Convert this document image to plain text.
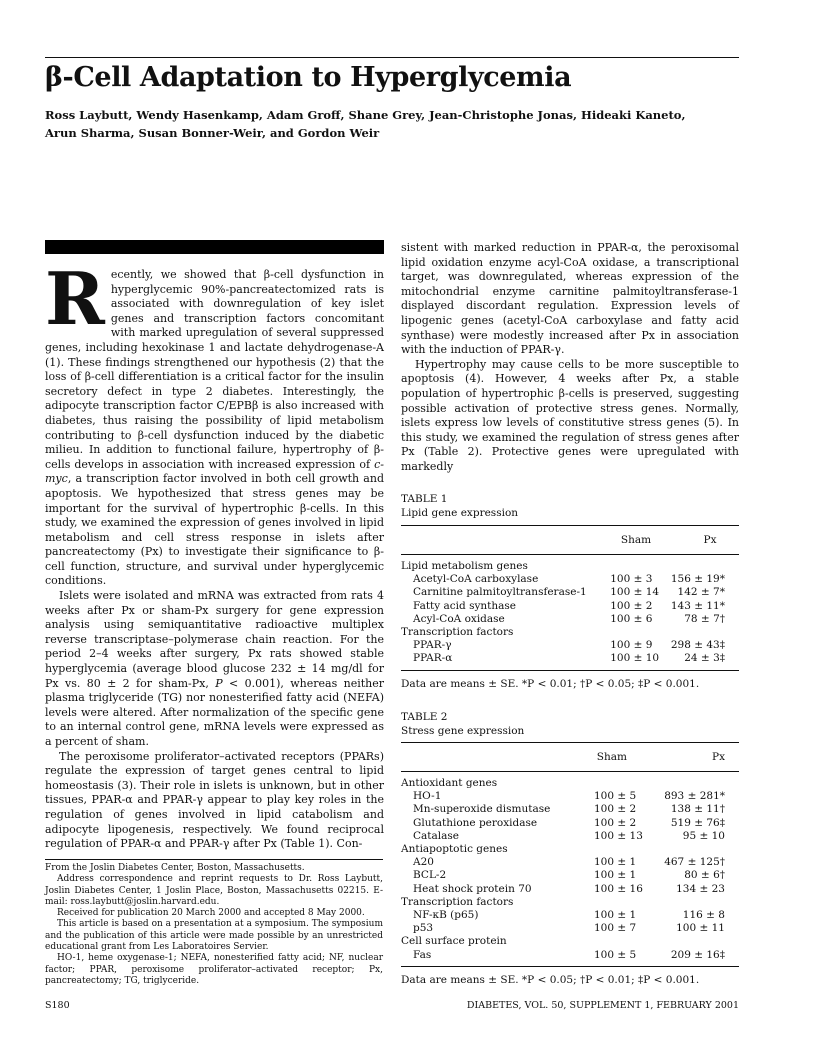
β-Cell Adaptation to Hyperglycemia
Ross Laybutt, Wendy Hasenkamp, Adam Groff, Shane Grey, Jean-Christophe Jonas, Hideaki Kaneto,
Arun Sharma, Susan Bonner-Weir, and Gordon Weir

Recently, we showed that β-cell dysfunction in hyperglycemic 90%-pancreatectomized rats is associated with downregulation of key islet genes and transcription factors concomitant with marked upregulation of several suppressed genes, including hexokinase 1 and lactate dehydrogenase-A (1). These findings strengthened our hypothesis (2) that the loss of β-cell differentiation is a critical factor for the insulin secretory defect in type 2 diabetes. Interestingly, the adipocyte transcription factor C/EPBβ is also increased with diabetes, thus raising the possibility of lipid metabolism contributing to β-cell dysfunction induced by the diabetic milieu. In addition to functional failure, hypertrophy of β-cells develops in association with increased expression of c-myc, a transcription factor involved in both cell growth and apoptosis. We hypothesized that stress genes may be important for the survival of hypertrophic β-cells. In this study, we examined the expression of genes involved in lipid metabolism and cell stress response in islets after pancreatectomy (Px) to investigate their significance to β-cell function, structure, and survival under hyperglycemic conditions.

Islets were isolated and mRNA was extracted from rats 4 weeks after Px or sham-Px surgery for gene expression analysis using semiquantitative radioactive multiplex reverse transcriptase–polymerase chain reaction. For the period 2–4 weeks after surgery, Px rats showed stable hyperglycemia (average blood glucose 232 ± 14 mg/dl for Px vs. 80 ± 2 for sham-Px, P < 0.001), whereas neither plasma triglyceride (TG) nor nonesterified fatty acid (NEFA) levels were altered. After normalization of the specific gene to an internal control gene, mRNA levels were expressed as a percent of sham.

The peroxisome proliferator–activated receptors (PPARs) regulate the expression of target genes central to lipid homeostasis (3). Their role in islets is unknown, but in other tissues, PPAR-α and PPAR-γ appear to play key roles in the regulation of genes involved in lipid catabolism and adipocyte lipogenesis, respectively. We found reciprocal regulation of PPAR-α and PPAR-γ after Px (Table 1). Con-

sistent with marked reduction in PPAR-α, the peroxisomal lipid oxidation enzyme acyl-CoA oxidase, a transcriptional target, was downregulated, whereas expression of the mitochondrial enzyme carnitine palmitoyltransferase-1 displayed discordant regulation. Expression levels of lipogenic genes (acetyl-CoA carboxylase and fatty acid synthase) were modestly increased after Px in association with the induction of PPAR-γ.

Hypertrophy may cause cells to be more susceptible to apoptosis (4). However, 4 weeks after Px, a stable population of hypertrophic β-cells is preserved, suggesting possible activation of protective stress genes. Normally, islets express low levels of constitutive stress genes (5). In this study, we examined the regulation of stress genes after Px (Table 2). Protective genes were upregulated with markedly

TABLE 1
Lipid gene expression
Sham	Px
Lipid metabolism genes		
Acetyl-CoA carboxylase	100 ± 3	156 ± 19*
Carnitine palmitoyltransferase-1	100 ± 14	142 ± 7*
Fatty acid synthase	100 ± 2	143 ± 11*
Acyl-CoA oxidase	100 ± 6	78 ± 7†
Transcription factors		
PPAR-γ	100 ± 9	298 ± 43‡
PPAR-α	100 ± 10	24 ± 3‡
Data are means ± SE. *P < 0.01; †P < 0.05; ‡P < 0.001.
TABLE 2
Stress gene expression
Sham	Px
Antioxidant genes		
HO-1	100 ± 5	893 ± 281*
Mn-superoxide dismutase	100 ± 2	138 ± 11†
Glutathione peroxidase	100 ± 2	519 ± 76‡
Catalase	100 ± 13	95 ± 10
Antiapoptotic genes		
A20	100 ± 1	467 ± 125†
BCL-2	100 ± 1	80 ± 6†
Heat shock protein 70	100 ± 16	134 ± 23
Transcription factors		
NF-κB (p65)	100 ± 1	116 ± 8
p53	100 ± 7	100 ± 11
Cell surface protein		
Fas	100 ± 5	209 ± 16‡
Data are means ± SE. *P < 0.05; †P < 0.01; ‡P < 0.001.

From the Joslin Diabetes Center, Boston, Massachusetts.

Address correspondence and reprint requests to Dr. Ross Laybutt, Joslin Diabetes Center, 1 Joslin Place, Boston, Massachusetts 02215. E-mail: ross.laybutt@joslin.harvard.edu.

Received for publication 20 March 2000 and accepted 8 May 2000.

This article is based on a presentation at a symposium. The symposium and the publication of this article were made possible by an unrestricted educational grant from Les Laboratoires Servier.

HO-1, heme oxygenase-1; NEFA, nonesterified fatty acid; NF, nuclear factor; PPAR, peroxisome proliferator–activated receptor; Px, pancreatectomy; TG, triglyceride.

S180	DIABETES, VOL. 50, SUPPLEMENT 1, FEBRUARY 2001
